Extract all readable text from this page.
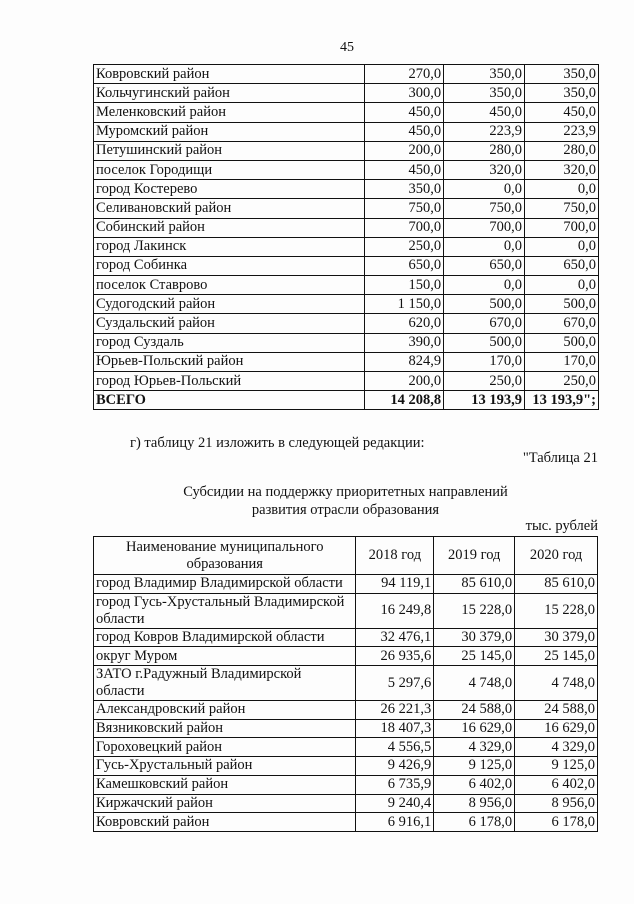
45
Ковровский район	270,0	350,0	350,0
Кольчугинский район	300,0	350,0	350,0
Меленковский район	450,0	450,0	450,0
Муромский район	450,0	223,9	223,9
Петушинский район	200,0	280,0	280,0
поселок Городищи	450,0	320,0	320,0
город Костерево	350,0	0,0	0,0
Селивановский район	750,0	750,0	750,0
Собинский район	700,0	700,0	700,0
город Лакинск	250,0	0,0	0,0
город Собинка	650,0	650,0	650,0
поселок Ставрово	150,0	0,0	0,0
Судогодский район	1 150,0	500,0	500,0
Суздальский район	620,0	670,0	670,0
город Суздаль	390,0	500,0	500,0
Юрьев-Польский район	824,9	170,0	170,0
город Юрьев-Польский	200,0	250,0	250,0
ВСЕГО	14 208,8	13 193,9	13 193,9";
г) таблицу 21 изложить в следующей редакции:
"Таблица 21
Субсидии на поддержку приоритетных направлений
развития отрасли образования
тыс. рублей
Наименование муниципального образования	2018 год	2019 год	2020 год
город Владимир Владимирской области	94 119,1	85 610,0	85 610,0
город Гусь-Хрустальный Владимирской области	16 249,8	15 228,0	15 228,0
город Ковров Владимирской области	32 476,1	30 379,0	30 379,0
округ Муром	26 935,6	25 145,0	25 145,0
ЗАТО г.Радужный Владимирской области	5 297,6	4 748,0	4 748,0
Александровский район	26 221,3	24 588,0	24 588,0
Вязниковский район	18 407,3	16 629,0	16 629,0
Гороховецкий район	4 556,5	4 329,0	4 329,0
Гусь-Хрустальный район	9 426,9	9 125,0	9 125,0
Камешковский район	6 735,9	6 402,0	6 402,0
Киржачский район	9 240,4	8 956,0	8 956,0
Ковровский район	6 916,1	6 178,0	6 178,0
